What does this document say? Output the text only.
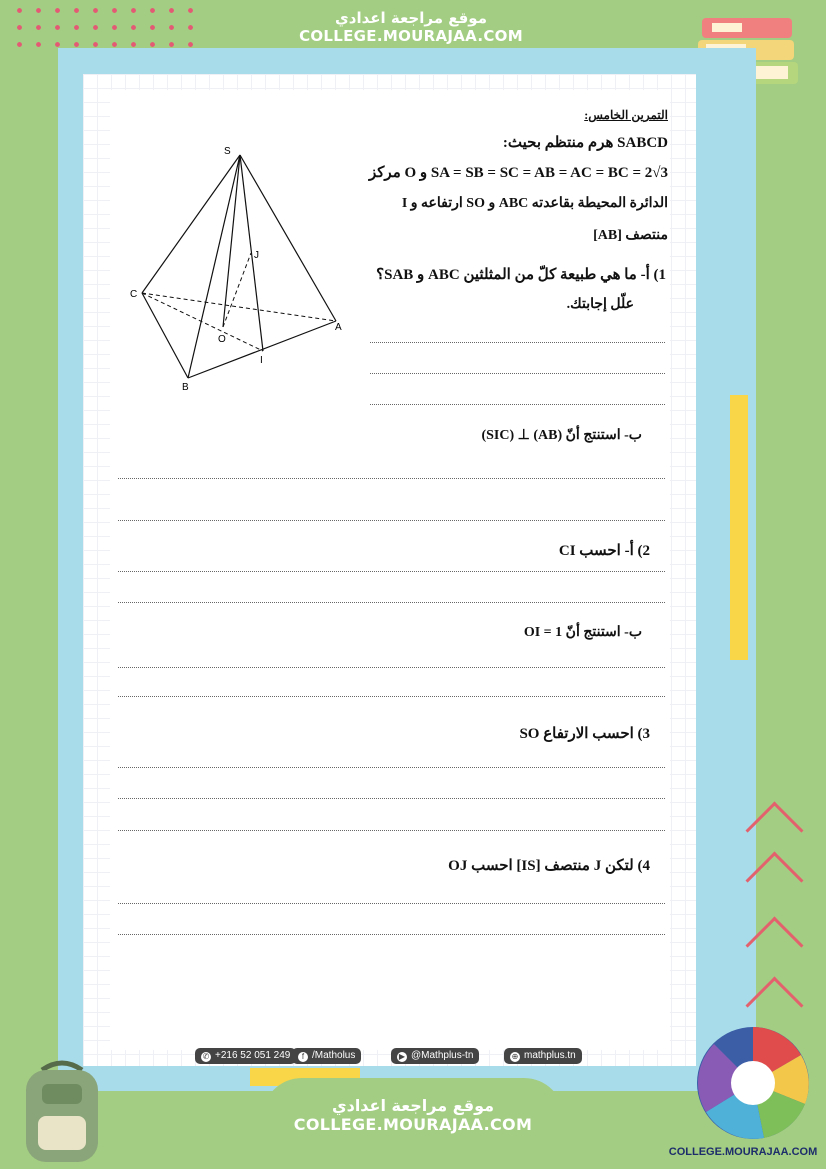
موقع مراجعة اعدادي
COLLEGE.MOURAJAA.COM
التمرين الخامس:
SABCD هرم منتظم بحيث:
SA = SB = SC = AB = AC = BC = 2√3 و O مركز
الدائرة المحيطة بقاعدته ABC و SO ارتفاعه و I
منتصف [AB]
1) أ- ما هي طبيعة كلّ من المثلثين ABC و SAB؟
علّل إجابتك.
ب- استنتج أنّ (AB) ⊥ (SIC)
2) أ- احسب CI
ب- استنتج أنّ OI = 1
3) احسب الارتفاع SO
4) لتكن J منتصف [IS] احسب OJ
S
C
A
B
O
I
J
✆ +216 52 051 249	f /Matholus	▶ @Mathplus-tn	⊕ mathplus.tn
موقع مراجعة اعدادي
COLLEGE.MOURAJAA.COM
COLLEGE.MOURAJAA.COM
